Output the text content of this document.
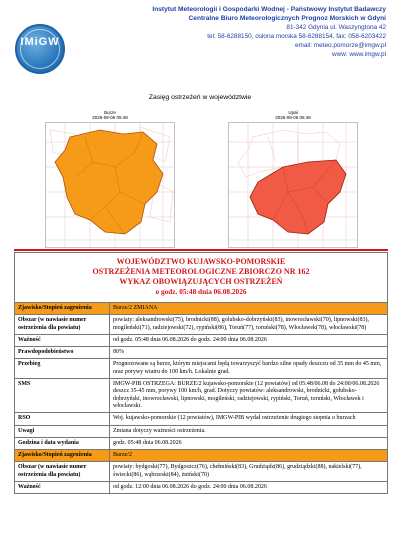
IMiGW
Instytut Meteorologii i Gospodarki Wodnej - Państwowy Instytut Badawczy
Centralne Biuro Meteorologicznych Prognoz Morskich w Gdyni
81-342 Gdynia ul. Waszyngtona 42
tel: 58-6288150, osłona morska 58-6288154, fax: 058-6203422
email: meteo.pomorze@imgw.pl
www: www.imgw.pl
Zasięg ostrzeżeń w województwie
Burze
2026-08-06 05:48
Upał
2026-08-06 05:48
WOJEWÓDZTWO KUJAWSKO-POMORSKIE
OSTRZEŻENIA METEOROLOGICZNE ZBIORCZO NR 162
WYKAZ OBOWIĄZUJĄCYCH OSTRZEŻEŃ
o godz. 05:48 dnia 06.08.2026	

Zjawisko/Stopień zagrożenia	Burze/2 ZMIANA
Obszar (w nawiasie numer ostrzeżenia dla powiatu)	powiaty: aleksandrowski(75), brodnicki(88), golubsko-dobrzyński(83), inowrocławski(70), lipnowski(83), mogileński(71), radziejowski(72), rypiński(86), Toruń(77), toruński(78), Włocławek(78), włocławski(78)
Ważność	od godz. 05:48 dnia 06.08.2026 do godz. 24:00 dnia 06.08.2026
Prawdopodobieństwo	80%
Przebieg	Prognozowane są burze, którym miejscami będą towarzyszyć bardzo silne opady deszczu od 35 mm do 45 mm, oraz porywy wiatru do 100 km/h. Lokalnie grad.
SMS	IMGW-PIB OSTRZEGA: BURZE/2 kujawsko-pomorskie (12 powiatów) od 05:48/06.08 do 24:00/06.08.2026 deszcz 35-45 mm, porywy 100 km/h, grad. Dotyczy powiatów: aleksandrowski, brodnicki, golubsko-dobrzyński, inowrocławski, lipnowski, mogileński, radziejowski, rypiński, Toruń, toruński, Włocławek i włocławski.
RSO	Woj. kujawsko-pomorskie (12 powiatów), IMGW-PIB wydał ostrzeżenie drugiego stopnia o burzach
Uwagi	Zmiana dotyczy ważności ostrzeżenia.
Godzina i data wydania	godz. 05:48 dnia 06.08.2026
Zjawisko/Stopień zagrożenia	Burze/2
Obszar (w nawiasie numer ostrzeżenia dla powiatu)	powiaty: bydgoski(77), Bydgoszcz(76), chełmiński(83), Grudziądz(86), grudziądzki(88), nakielski(77), świecki(86), wąbrzeski(84), żniński(70)
Ważność	od godz. 12:00 dnia 06.08.2026 do godz. 24:00 dnia 06.08.2026
